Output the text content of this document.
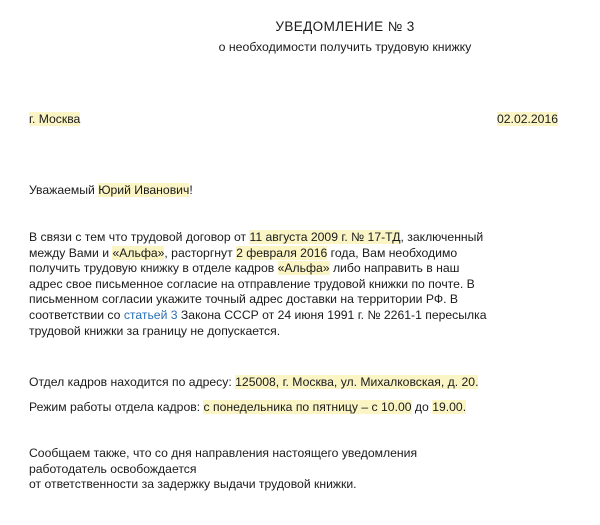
УВЕДОМЛЕНИЕ № 3
о необходимости получить трудовую книжку
г. Москва	02.02.2016
Уважаемый Юрий Иванович!
В связи с тем что трудовой договор от 11 августа 2009 г. № 17-ТД, заключенный
между Вами и «Альфа», расторгнут 2 февраля 2016 года, Вам необходимо
получить трудовую книжку в отделе кадров «Альфа» либо направить в наш
адрес свое письменное согласие на отправление трудовой книжки по почте. В
письменном согласии укажите точный адрес доставки на территории РФ. В
соответствии со статьей 3 Закона СССР от 24 июня 1991 г. № 2261-1 пересылка
трудовой книжки за границу не допускается.
Отдел кадров находится по адресу: 125008, г. Москва, ул. Михалковская, д. 20.
Режим работы отдела кадров: с понедельника по пятницу – с 10.00 до 19.00.
Сообщаем также, что со дня направления настоящего уведомления
работодатель освобождается
от ответственности за задержку выдачи трудовой книжки.
